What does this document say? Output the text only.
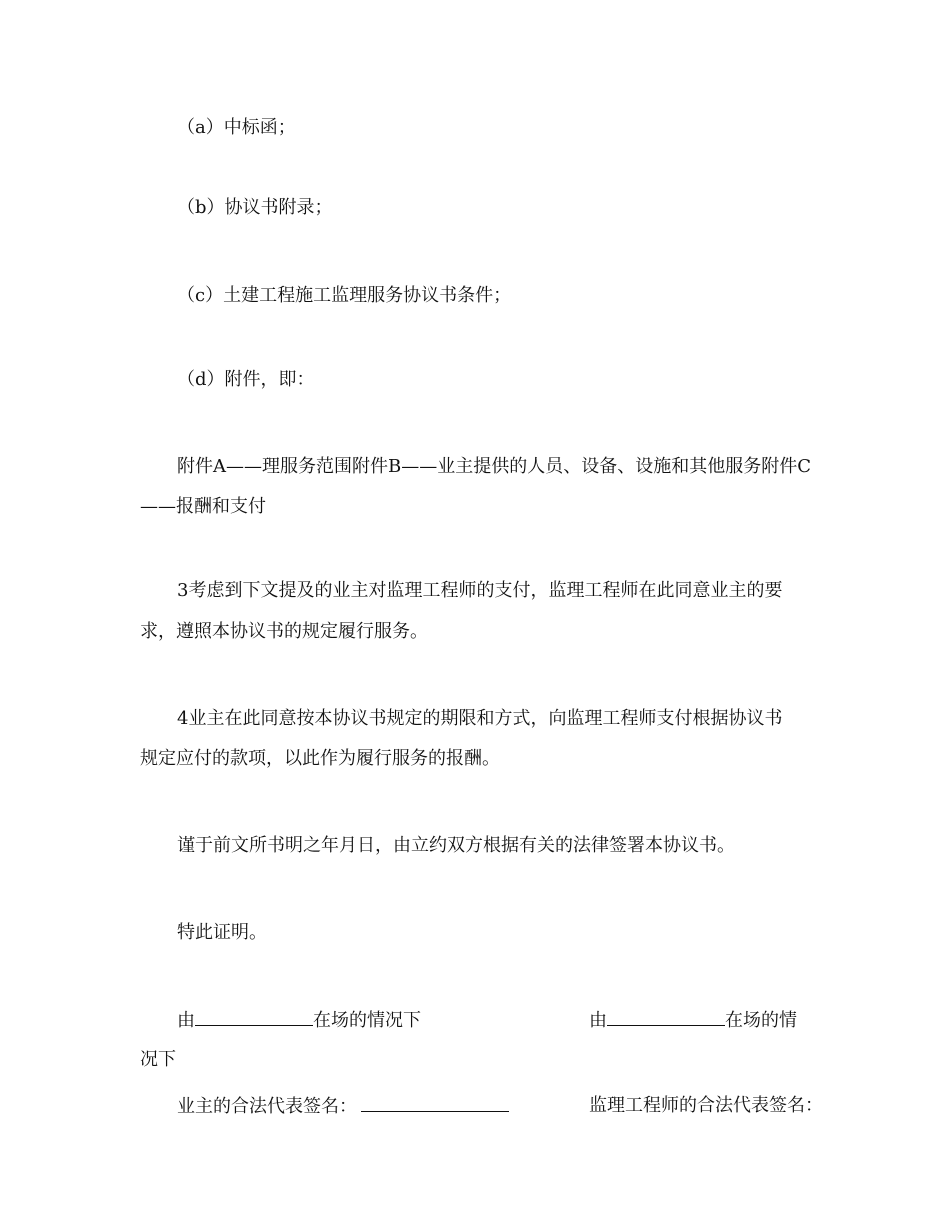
（a）中标函；
（b）协议书附录；
（c）土建工程施工监理服务协议书条件；
（d）附件，即：
附件A——理服务范围附件B——业主提供的人员、设备、设施和其他服务附件C
——报酬和支付
3考虑到下文提及的业主对监理工程师的支付，监理工程师在此同意业主的要
求，遵照本协议书的规定履行服务。
4业主在此同意按本协议书规定的期限和方式，向监理工程师支付根据协议书
规定应付的款项，以此作为履行服务的报酬。
谨于前文所书明之年月日，由立约双方根据有关的法律签署本协议书。
特此证明。
由	在场的情况下	由	在场的情
况下
业主的合法代表签名：	监理工程师的合法代表签名：
